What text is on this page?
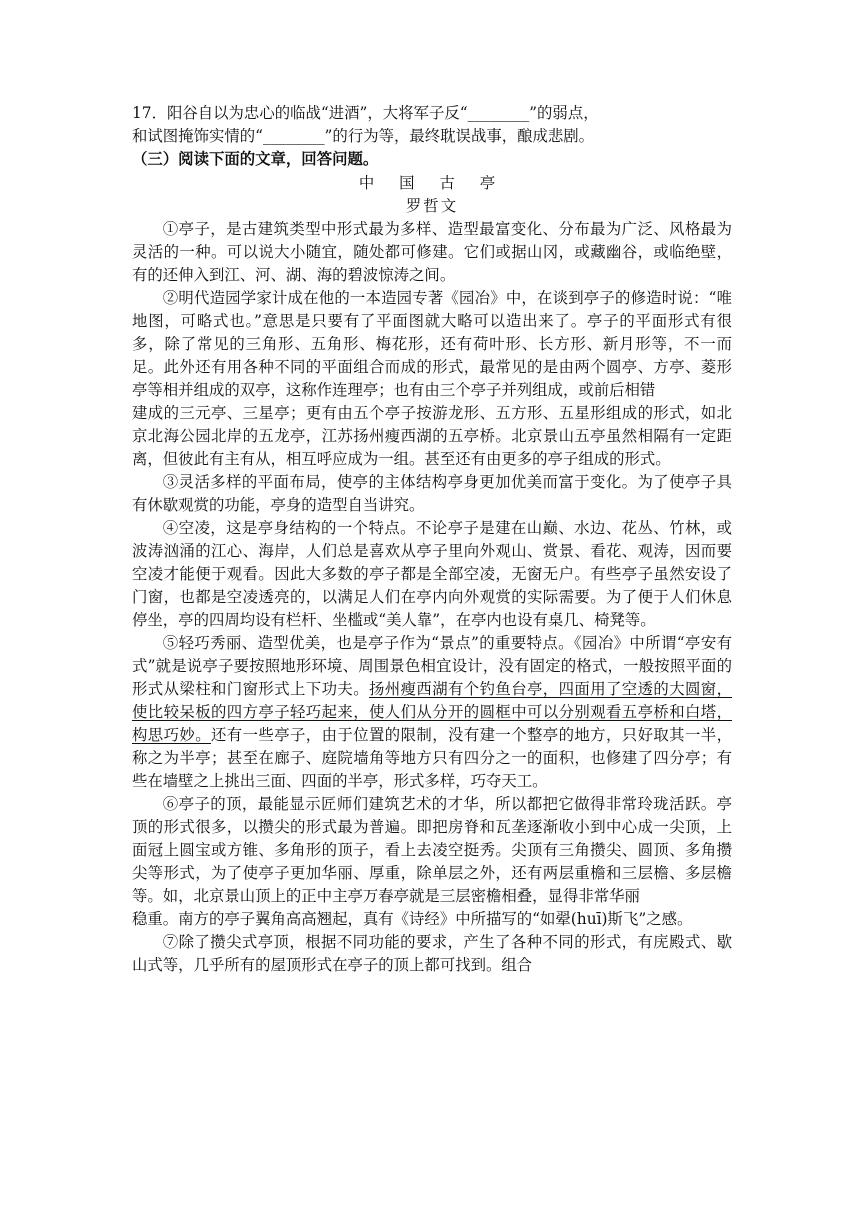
17．阳谷自以为忠心的临战“进酒”，大将军子反“________”的弱点，

和试图掩饰实情的“________”的行为等，最终耽误战事，酿成悲剧。

（三）阅读下面的文章，回答问题。

中 国 古 亭

罗哲文

①亭子，是古建筑类型中形式最为多样、造型最富变化、分布最为广泛、风格最为灵活的一种。可以说大小随宜，随处都可修建。它们或据山冈，或藏幽谷，或临绝壁，有的还伸入到江、河、湖、海的碧波惊涛之间。

②明代造园学家计成在他的一本造园专著《园冶》中，在谈到亭子的修造时说：“唯地图，可略式也。”意思是只要有了平面图就大略可以造出来了。亭子的平面形式有很多，除了常见的三角形、五角形、梅花形，还有荷叶形、长方形、新月形等，不一而足。此外还有用各种不同的平面组合而成的形式，最常见的是由两个圆亭、方亭、菱形亭等相并组成的双亭，这称作连理亭；也有由三个亭子并列组成，或前后相错

建成的三元亭、三星亭；更有由五个亭子按游龙形、五方形、五星形组成的形式，如北京北海公园北岸的五龙亭，江苏扬州瘦西湖的五亭桥。北京景山五亭虽然相隔有一定距离，但彼此有主有从，相互呼应成为一组。甚至还有由更多的亭子组成的形式。

③灵活多样的平面布局，使亭的主体结构亭身更加优美而富于变化。为了使亭子具有休歇观赏的功能，亭身的造型自当讲究。

④空凌，这是亭身结构的一个特点。不论亭子是建在山巅、水边、花丛、竹林，或波涛汹涌的江心、海岸，人们总是喜欢从亭子里向外观山、赏景、看花、观涛，因而要空凌才能便于观看。因此大多数的亭子都是全部空凌，无窗无户。有些亭子虽然安设了门窗，也都是空凌透亮的，以满足人们在亭内向外观赏的实际需要。为了便于人们休息停坐，亭的四周均设有栏杆、坐槛或“美人靠”，在亭内也设有桌几、椅凳等。

⑤轻巧秀丽、造型优美，也是亭子作为“景点”的重要特点。《园冶》中所谓“亭安有式”就是说亭子要按照地形环境、周围景色相宜设计，没有固定的格式，一般按照平面的形式从梁柱和门窗形式上下功夫。扬州瘦西湖有个钓鱼台亭，四面用了空透的大圆窗，使比较呆板的四方亭子轻巧起来，使人们从分开的圆框中可以分别观看五亭桥和白塔，构思巧妙。还有一些亭子，由于位置的限制，没有建一个整亭的地方，只好取其一半，称之为半亭；甚至在廊子、庭院墙角等地方只有四分之一的面积，也修建了四分亭；有些在墙壁之上挑出三面、四面的半亭，形式多样，巧夺天工。

⑥亭子的顶，最能显示匠师们建筑艺术的才华，所以都把它做得非常玲珑活跃。亭顶的形式很多，以攒尖的形式最为普遍。即把房脊和瓦垄逐渐收小到中心成一尖顶，上面冠上圆宝或方锥、多角形的顶子，看上去凌空挺秀。尖顶有三角攒尖、圆顶、多角攒尖等形式，为了使亭子更加华丽、厚重，除单层之外，还有两层重檐和三层檐、多层檐等。如，北京景山顶上的正中主亭万春亭就是三层密檐相叠，显得非常华丽

稳重。南方的亭子翼角高高翘起，真有《诗经》中所描写的“如翚(huī)斯飞”之感。

⑦除了攒尖式亭顶，根据不同功能的要求，产生了各种不同的形式，有庑殿式、歇山式等，几乎所有的屋顶形式在亭子的顶上都可找到。组合
